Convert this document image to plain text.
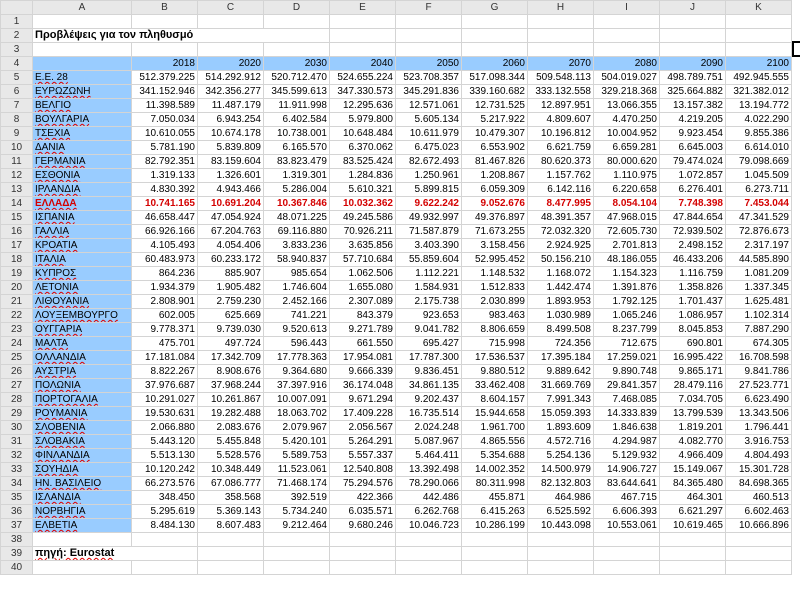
	A	B	C	D	E	F	G	H	I	J	K
1											
2	Προβλέψεις για τον πληθυσμό										
3											
4		2018	2020	2030	2040	2050	2060	2070	2080	2090	2100
5	E.E. 28	512.379.225	514.292.912	520.712.470	524.655.224	523.708.357	517.098.344	509.548.113	504.019.027	498.789.751	492.945.555
6	ΕΥΡΩΖΩΝΗ	341.152.946	342.356.277	345.599.613	347.330.573	345.291.836	339.160.682	333.132.558	329.218.368	325.664.882	321.382.012
7	ΒΕΛΓΙΟ	11.398.589	11.487.179	11.911.998	12.295.636	12.571.061	12.731.525	12.897.951	13.066.355	13.157.382	13.194.772
8	ΒΟΥΛΓΑΡΙΑ	7.050.034	6.943.254	6.402.584	5.979.800	5.605.134	5.217.922	4.809.607	4.470.250	4.219.205	4.022.290
9	ΤΣΕΧΙΑ	10.610.055	10.674.178	10.738.001	10.648.484	10.611.979	10.479.307	10.196.812	10.004.952	9.923.454	9.855.386
10	ΔΑΝΙΑ	5.781.190	5.839.809	6.165.570	6.370.062	6.475.023	6.553.902	6.621.759	6.659.281	6.645.003	6.614.010
11	ΓΕΡΜΑΝΙΑ	82.792.351	83.159.604	83.823.479	83.525.424	82.672.493	81.467.826	80.620.373	80.000.620	79.474.024	79.098.669
12	ΕΣΘΟΝΙΑ	1.319.133	1.326.601	1.319.301	1.284.836	1.250.961	1.208.867	1.157.762	1.110.975	1.072.857	1.045.509
13	ΙΡΛΑΝΔΙΑ	4.830.392	4.943.466	5.286.004	5.610.321	5.899.815	6.059.309	6.142.116	6.220.658	6.276.401	6.273.711
14	ΕΛΛΑΔΑ	10.741.165	10.691.204	10.367.846	10.032.362	9.622.242	9.052.676	8.477.995	8.054.104	7.748.398	7.453.044
15	ΙΣΠΑΝΙΑ	46.658.447	47.054.924	48.071.225	49.245.586	49.932.997	49.376.897	48.391.357	47.968.015	47.844.654	47.341.529
16	ΓΑΛΛΙΑ	66.926.166	67.204.763	69.116.880	70.926.211	71.587.879	71.673.255	72.032.320	72.605.730	72.939.502	72.876.673
17	ΚΡΟΑΤΙΑ	4.105.493	4.054.406	3.833.236	3.635.856	3.403.390	3.158.456	2.924.925	2.701.813	2.498.152	2.317.197
18	ΙΤΑΛΙΑ	60.483.973	60.233.172	58.940.837	57.710.684	55.859.604	52.995.452	50.156.210	48.186.055	46.433.206	44.585.890
19	ΚΥΠΡΟΣ	864.236	885.907	985.654	1.062.506	1.112.221	1.148.532	1.168.072	1.154.323	1.116.759	1.081.209
20	ΛΕΤΟΝΙΑ	1.934.379	1.905.482	1.746.604	1.655.080	1.584.931	1.512.833	1.442.474	1.391.876	1.358.826	1.337.345
21	ΛΙΘΟΥΑΝΙΑ	2.808.901	2.759.230	2.452.166	2.307.089	2.175.738	2.030.899	1.893.953	1.792.125	1.701.437	1.625.481
22	ΛΟΥΞΕΜΒΟΥΡΓΟ	602.005	625.669	741.221	843.379	923.653	983.463	1.030.989	1.065.246	1.086.957	1.102.314
23	ΟΥΓΓΑΡΙΑ	9.778.371	9.739.030	9.520.613	9.271.789	9.041.782	8.806.659	8.499.508	8.237.799	8.045.853	7.887.290
24	ΜΑΛΤΑ	475.701	497.724	596.443	661.550	695.427	715.998	724.356	712.675	690.801	674.305
25	ΟΛΛΑΝΔΙΑ	17.181.084	17.342.709	17.778.363	17.954.081	17.787.300	17.536.537	17.395.184	17.259.021	16.995.422	16.708.598
26	ΑΥΣΤΡΙΑ	8.822.267	8.908.676	9.364.680	9.666.339	9.836.451	9.880.512	9.889.642	9.890.748	9.865.171	9.841.786
27	ΠΟΛΩΝΙΑ	37.976.687	37.968.244	37.397.916	36.174.048	34.861.135	33.462.408	31.669.769	29.841.357	28.479.116	27.523.771
28	ΠΟΡΤΟΓΑΛΙΑ	10.291.027	10.261.867	10.007.091	9.671.294	9.202.437	8.604.157	7.991.343	7.468.085	7.034.705	6.623.490
29	ΡΟΥΜΑΝΙΑ	19.530.631	19.282.488	18.063.702	17.409.228	16.735.514	15.944.658	15.059.393	14.333.839	13.799.539	13.343.506
30	ΣΛΟΒΕΝΙΑ	2.066.880	2.083.676	2.079.967	2.056.567	2.024.248	1.961.700	1.893.609	1.846.638	1.819.201	1.796.441
31	ΣΛΟΒΑΚΙΑ	5.443.120	5.455.848	5.420.101	5.264.291	5.087.967	4.865.556	4.572.716	4.294.987	4.082.770	3.916.753
32	ΦΙΝΛΑΝΔΙΑ	5.513.130	5.528.576	5.589.753	5.557.337	5.464.411	5.354.688	5.254.136	5.129.932	4.966.409	4.804.493
33	ΣΟΥΗΔΙΑ	10.120.242	10.348.449	11.523.061	12.540.808	13.392.498	14.002.352	14.500.979	14.906.727	15.149.067	15.301.728
34	ΗΝ. ΒΑΣΙΛΕΙΟ	66.273.576	67.086.777	71.468.174	75.294.576	78.290.066	80.311.998	82.132.803	83.644.641	84.365.480	84.698.365
35	ΙΣΛΑΝΔΙΑ	348.450	358.568	392.519	422.366	442.486	455.871	464.986	467.715	464.301	460.513
36	ΝΟΡΒΗΓΙΑ	5.295.619	5.369.143	5.734.240	6.035.571	6.262.768	6.415.263	6.525.592	6.606.393	6.621.297	6.602.463
37	ΕΛΒΕΤΙΑ	8.484.130	8.607.483	9.212.464	9.680.246	10.046.723	10.286.199	10.443.098	10.553.061	10.619.465	10.666.896
38											
39	πηγή: Eurostat										
40											
